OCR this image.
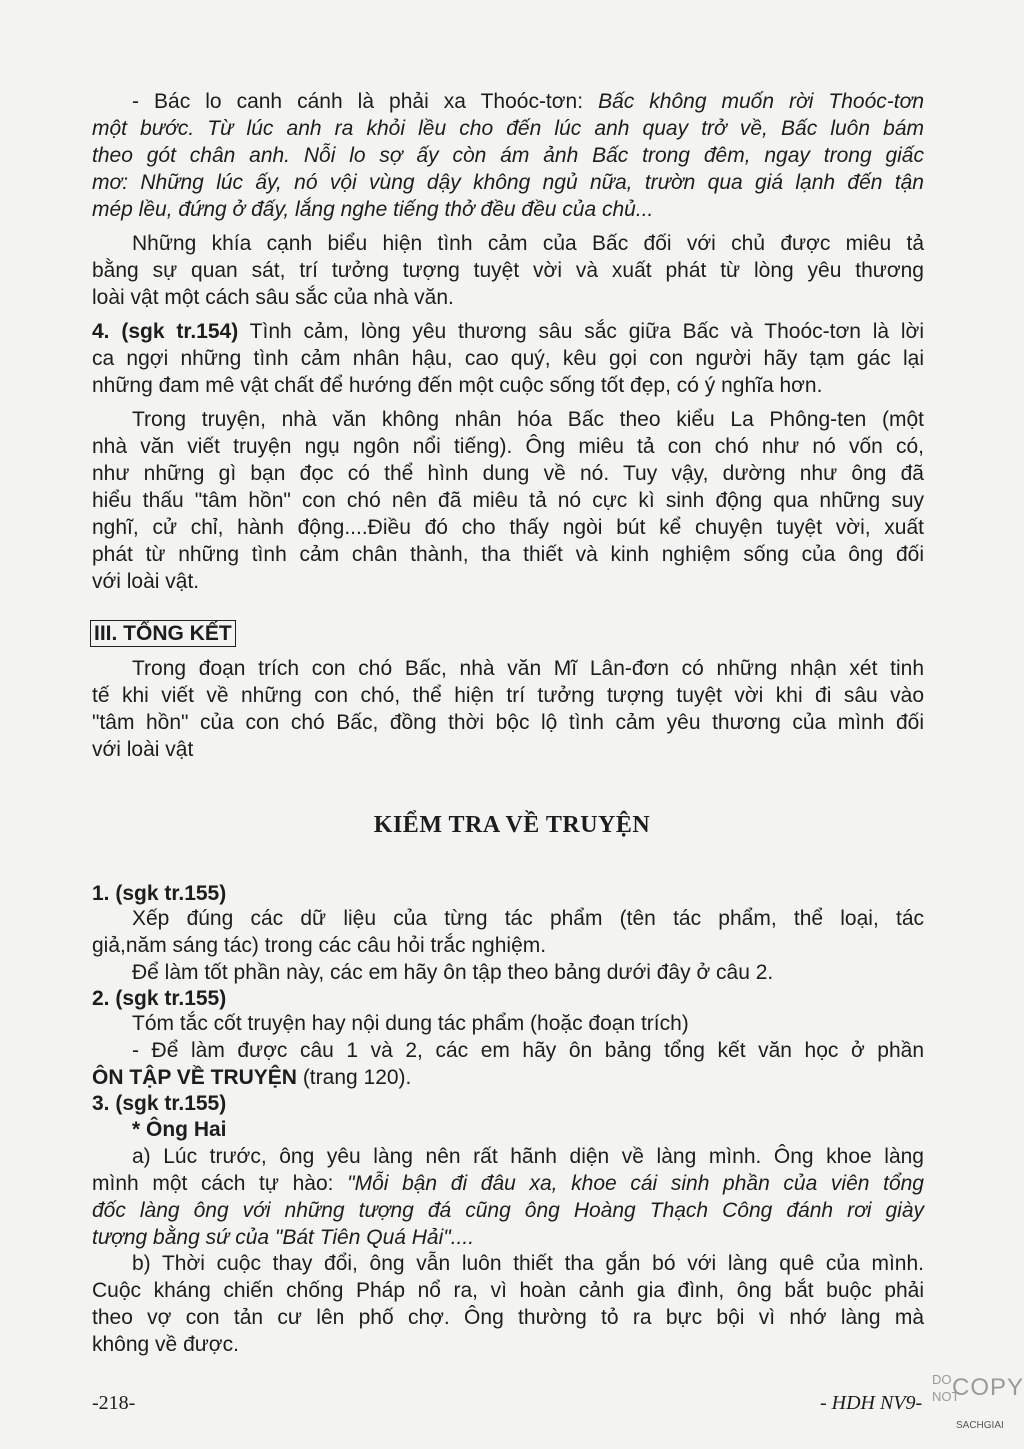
- Bác lo canh cánh là phải xa Thoóc-tơn: Bấc không muốn rời Thoóc-tơn
một bước. Từ lúc anh ra khỏi lều cho đến lúc anh quay trở về, Bấc luôn bám
theo gót chân anh. Nỗi lo sợ ấy còn ám ảnh Bấc trong đêm, ngay trong giấc
mơ: Những lúc ấy, nó vội vùng dậy không ngủ nữa, trườn qua giá lạnh đến tận
mép lều, đứng ở đấy, lắng nghe tiếng thở đều đều của chủ...
Những khía cạnh biểu hiện tình cảm của Bấc đối với chủ được miêu tả
bằng sự quan sát, trí tưởng tượng tuyệt vời và xuất phát từ lòng yêu thương
loài vật một cách sâu sắc của nhà văn.
4. (sgk tr.154) Tình cảm, lòng yêu thương sâu sắc giữa Bấc và Thoóc-tơn là lời
ca ngợi những tình cảm nhân hậu, cao quý, kêu gọi con người hãy tạm gác lại
những đam mê vật chất để hướng đến một cuộc sống tốt đẹp, có ý nghĩa hơn.
Trong truyện, nhà văn không nhân hóa Bấc theo kiểu La Phông-ten (một
nhà văn viết truyện ngụ ngôn nổi tiếng). Ông miêu tả con chó như nó vốn có,
như những gì bạn đọc có thể hình dung về nó. Tuy vậy, dường như ông đã
hiểu thấu "tâm hồn" con chó nên đã miêu tả nó cực kì sinh động qua những suy
nghĩ, cử chỉ, hành động....Điều đó cho thấy ngòi bút kể chuyện tuyệt vời, xuất
phát từ những tình cảm chân thành, tha thiết và kinh nghiệm sống của ông đối
với loài vật.
Trong đoạn trích con chó Bấc, nhà văn Mĩ Lân-đơn có những nhận xét tinh
tế khi viết về những con chó, thể hiện trí tưởng tượng tuyệt vời khi đi sâu vào
"tâm hồn" của con chó Bấc, đồng thời bộc lộ tình cảm yêu thương của mình đối
với loài vật
1. (sgk tr.155)
Xếp đúng các dữ liệu của từng tác phẩm (tên tác phẩm, thể loại, tác
giả,năm sáng tác) trong các câu hỏi trắc nghiệm.
Để làm tốt phần này, các em hãy ôn tập theo bảng dưới đây ở câu 2.
2. (sgk tr.155)
Tóm tắc cốt truyện hay nội dung tác phẩm (hoặc đoạn trích)
- Để làm được câu 1 và 2, các em hãy ôn bảng tổng kết văn học ở phần
ÔN TẬP VỀ TRUYỆN (trang 120).
3. (sgk tr.155)
* Ông Hai
a) Lúc trước, ông yêu làng nên rất hãnh diện về làng mình. Ông khoe làng
mình một cách tự hào: "Mỗi bận đi đâu xa, khoe cái sinh phần của viên tổng
đốc làng ông với những tượng đá cũng ông Hoàng Thạch Công đánh rơi giày
tượng bằng sứ của "Bát Tiên Quá Hải"....
b) Thời cuộc thay đổi, ông vẫn luôn thiết tha gắn bó với làng quê của mình.
Cuộc kháng chiến chống Pháp nổ ra, vì hoàn cảnh gia đình, ông bắt buộc phải
theo vợ con tản cư lên phố chợ. Ông thường tỏ ra bực bội vì nhớ làng mà
không về được.
III. TỔNG KẾT
KIỂM TRA VỀ TRUYỆN
-218-	- HDH NV9-
DO
NOT
COPY
SACHGIAI
